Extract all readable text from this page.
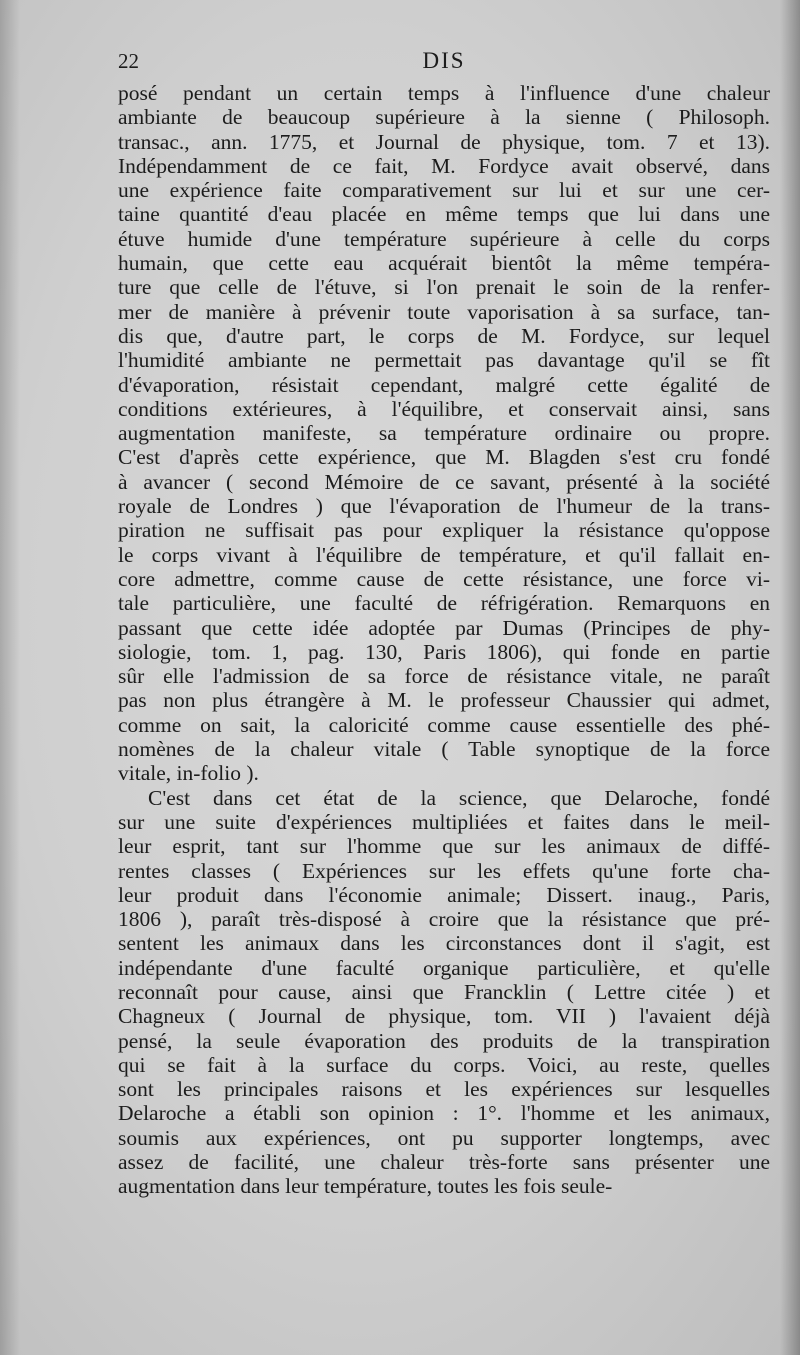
22	DIS
posé pendant un certain temps à l'influence d'une chaleur
ambiante de beaucoup supérieure à la sienne ( Philosoph.
transac., ann. 1775, et Journal de physique, tom. 7 et 13).
Indépendamment de ce fait, M. Fordyce avait observé, dans
une expérience faite comparativement sur lui et sur une cer-
taine quantité d'eau placée en même temps que lui dans une
étuve humide d'une température supérieure à celle du corps
humain, que cette eau acquérait bientôt la même tempéra-
ture que celle de l'étuve, si l'on prenait le soin de la renfer-
mer de manière à prévenir toute vaporisation à sa surface, tan-
dis que, d'autre part, le corps de M. Fordyce, sur lequel
l'humidité ambiante ne permettait pas davantage qu'il se fît
d'évaporation, résistait cependant, malgré cette égalité de
conditions extérieures, à l'équilibre, et conservait ainsi, sans
augmentation manifeste, sa température ordinaire ou propre.
C'est d'après cette expérience, que M. Blagden s'est cru fondé
à avancer ( second Mémoire de ce savant, présenté à la société
royale de Londres ) que l'évaporation de l'humeur de la trans-
piration ne suffisait pas pour expliquer la résistance qu'oppose
le corps vivant à l'équilibre de température, et qu'il fallait en-
core admettre, comme cause de cette résistance, une force vi-
tale particulière, une faculté de réfrigération. Remarquons en
passant que cette idée adoptée par Dumas (Principes de phy-
siologie, tom. 1, pag. 130, Paris 1806), qui fonde en partie
sûr elle l'admission de sa force de résistance vitale, ne paraît
pas non plus étrangère à M. le professeur Chaussier qui admet,
comme on sait, la caloricité comme cause essentielle des phé-
nomènes de la chaleur vitale ( Table synoptique de la force
vitale, in-folio ).
C'est dans cet état de la science, que Delaroche, fondé
sur une suite d'expériences multipliées et faites dans le meil-
leur esprit, tant sur l'homme que sur les animaux de diffé-
rentes classes ( Expériences sur les effets qu'une forte cha-
leur produit dans l'économie animale; Dissert. inaug., Paris,
1806 ), paraît très-disposé à croire que la résistance que pré-
sentent les animaux dans les circonstances dont il s'agit, est
indépendante d'une faculté organique particulière, et qu'elle
reconnaît pour cause, ainsi que Francklin ( Lettre citée ) et
Chagneux ( Journal de physique, tom. VII ) l'avaient déjà
pensé, la seule évaporation des produits de la transpiration
qui se fait à la surface du corps. Voici, au reste, quelles
sont les principales raisons et les expériences sur lesquelles
Delaroche a établi son opinion : 1°. l'homme et les animaux,
soumis aux expériences, ont pu supporter longtemps, avec
assez de facilité, une chaleur très-forte sans présenter une
augmentation dans leur température, toutes les fois seule-
